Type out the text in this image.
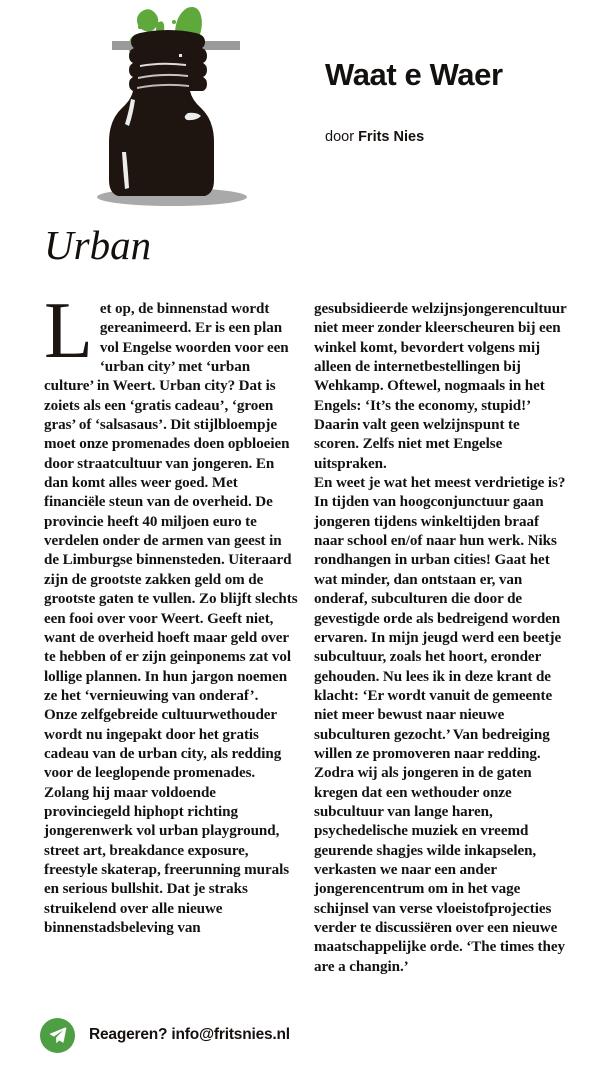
Waat e Waer

door Frits Nies

Urban

Let op, de binnenstad wordt gereanimeerd. Er is een plan vol Engelse woorden voor een ‘urban city’ met ‘urban culture’ in Weert. Urban city? Dat is zoiets als een ‘gratis cadeau’, ‘groen gras’ of ‘salsasaus’. Dit stijlbloempje moet onze promenades doen opbloeien door straatcultuur van jongeren. En dan komt alles weer goed. Met financiële steun van de overheid. De provincie heeft 40 miljoen euro te verdelen onder de armen van geest in de Limburgse binnensteden. Uiteraard zijn de grootste zakken geld om de grootste gaten te vullen. Zo blijft slechts een fooi over voor Weert. Geeft niet, want de overheid hoeft maar geld over te hebben of er zijn geinponems zat vol lollige plannen. In hun jargon noemen ze het ‘vernieuwing van onderaf’.

Onze zelfgebreide cultuurwethouder wordt nu ingepakt door het gratis cadeau van de urban city, als redding voor de leeglopende promenades. Zolang hij maar voldoende provinciegeld hiphopt richting jongerenwerk vol urban playground, street art, breakdance exposure, freestyle skaterap, freerunning murals en serious bullshit. Dat je straks struikelend over alle nieuwe binnenstadsbeleving van

gesubsidieerde welzijnsjongerencultuur niet meer zonder kleerscheuren bij een winkel komt, bevordert volgens mij alleen de internetbestellingen bij Wehkamp. Oftewel, nogmaals in het Engels: ‘It’s the economy, stupid!’ Daarin valt geen welzijnspunt te scoren. Zelfs niet met Engelse uitspraken.

En weet je wat het meest verdrietige is? In tijden van hoogconjunctuur gaan jongeren tijdens winkeltijden braaf naar school en/of naar hun werk. Niks rondhangen in urban cities! Gaat het wat minder, dan ontstaan er, van onderaf, subculturen die door de gevestigde orde als bedreigend worden ervaren. In mijn jeugd werd een beetje subcultuur, zoals het hoort, eronder gehouden. Nu lees ik in deze krant de klacht: ‘Er wordt vanuit de gemeente niet meer bewust naar nieuwe subculturen gezocht.’ Van bedreiging willen ze promoveren naar redding. Zodra wij als jongeren in de gaten kregen dat een wethouder onze subcultuur van lange haren, psychedelische muziek en vreemd geurende shagjes wilde inkapselen, verkasten we naar een ander jongerencentrum om in het vage schijnsel van verse vloeistofprojecties verder te discussiëren over een nieuwe maatschappelijke orde. ‘The times they are a changin.’

Reageren? info@fritsnies.nl
